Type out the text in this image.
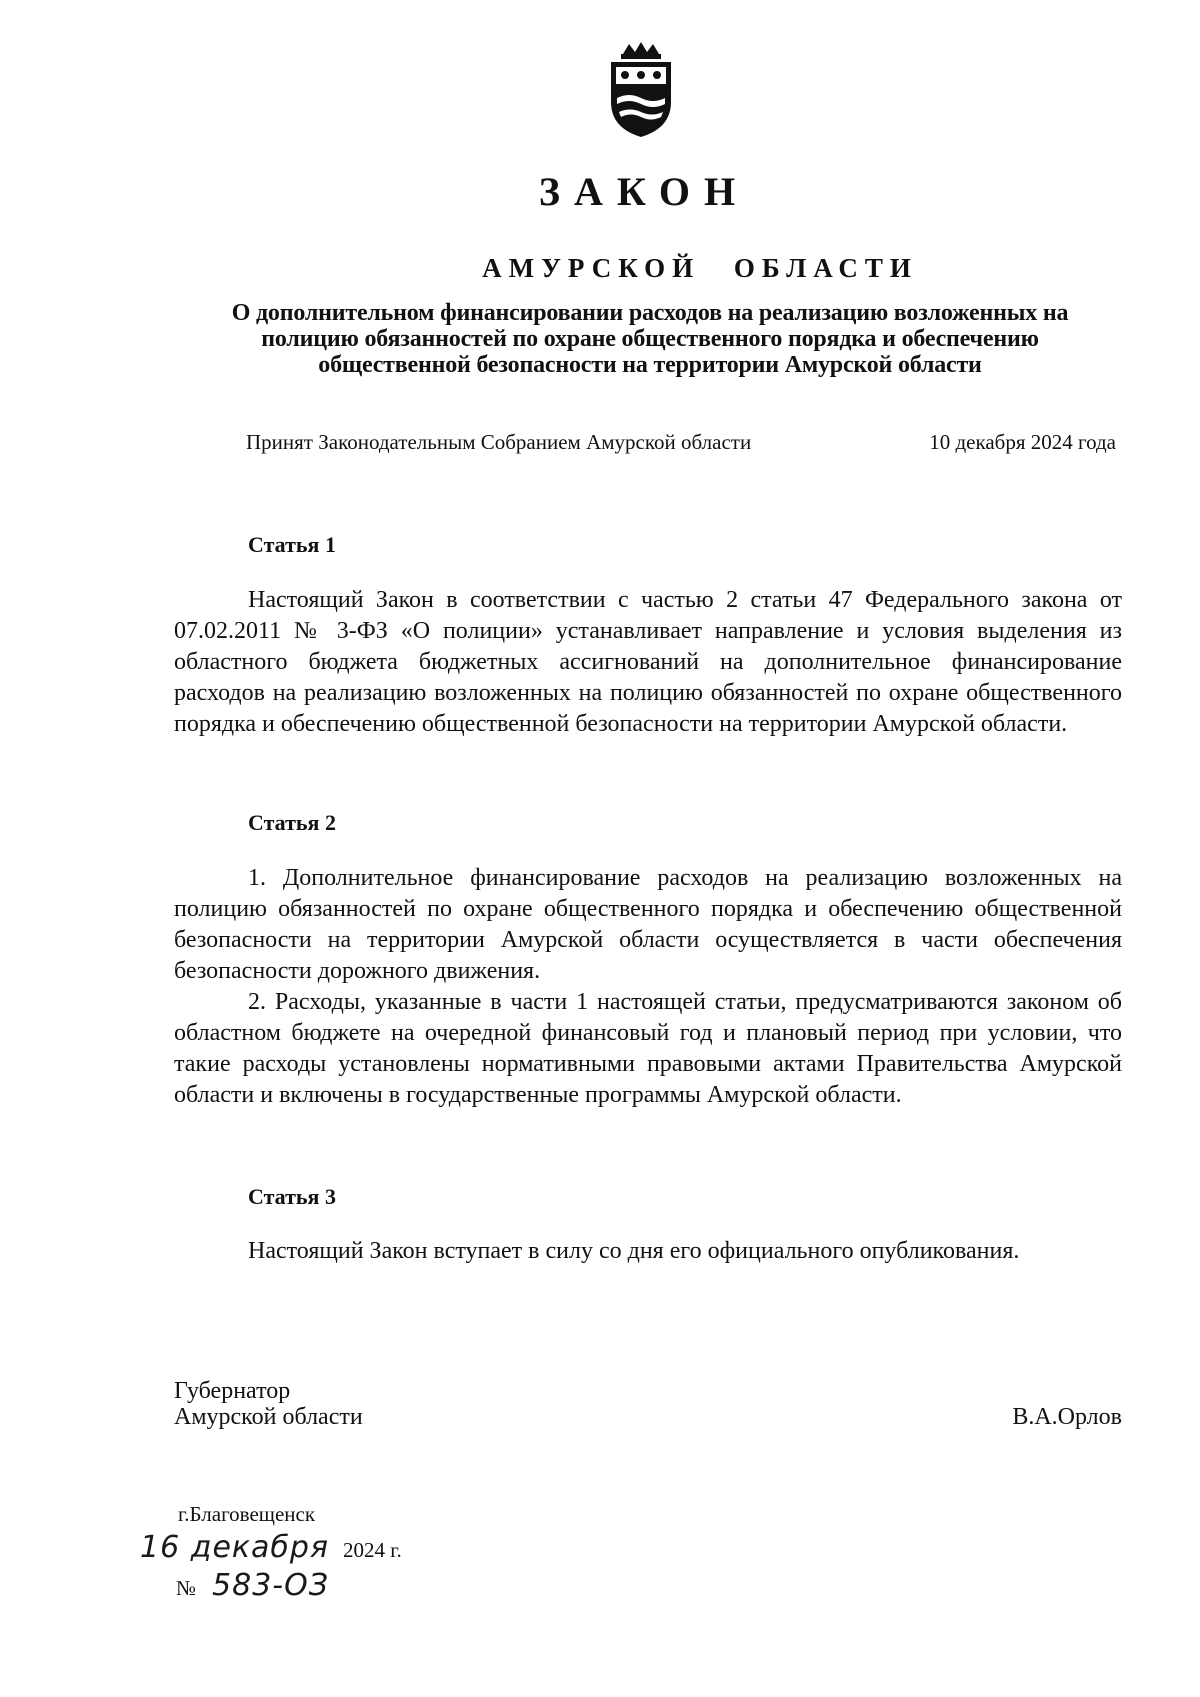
ЗАКОН
АМУРСКОЙ ОБЛАСТИ
О дополнительном финансировании расходов на реализацию возложенных на полицию обязанностей по охране общественного порядка и обеспечению общественной безопасности на территории Амурской области
Принят Законодательным Собранием Амурской области	10 декабря 2024 года
Статья 1

Настоящий Закон в соответствии с частью 2 статьи 47 Федерального закона от 07.02.2011 № 3-ФЗ «О полиции» устанавливает направление и условия выделения из областного бюджета бюджетных ассигнований на дополнительное финансирование расходов на реализацию возложенных на полицию обязанностей по охране общественного порядка и обеспечению общественной безопасности на территории Амурской области.

Статья 2

1. Дополнительное финансирование расходов на реализацию возложенных на полицию обязанностей по охране общественного порядка и обеспечению общественной безопасности на территории Амурской области осуществляется в части обеспечения безопасности дорожного движения.

2. Расходы, указанные в части 1 настоящей статьи, предусматриваются законом об областном бюджете на очередной финансовый год и плановый период при условии, что такие расходы установлены нормативными правовыми актами Правительства Амурской области и включены в государственные программы Амурской области.

Статья 3

Настоящий Закон вступает в силу со дня его официального опубликования.

Губернатор
Амурской области	В.А.Орлов
г.Благовещенск
16 декабря 2024 г.
№ 583-ОЗ
